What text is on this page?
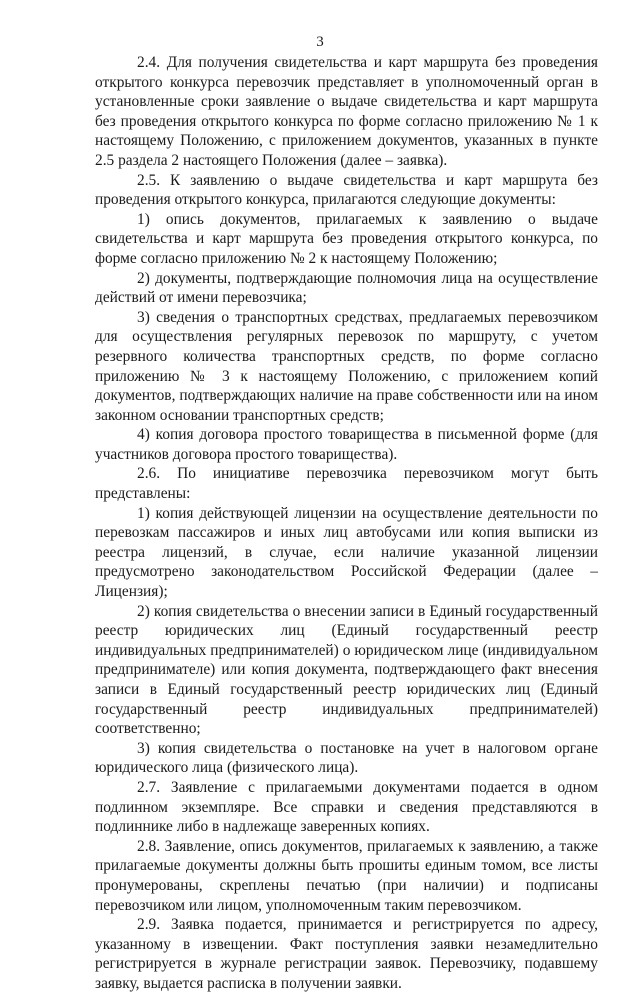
3

2.4. Для получения свидетельства и карт маршрута без проведения открытого конкурса перевозчик представляет в уполномоченный орган в установленные сроки заявление о выдаче свидетельства и карт маршрута без проведения открытого конкурса по форме согласно приложению № 1 к настоящему Положению, с приложением документов, указанных в пункте 2.5 раздела 2 настоящего Положения (далее – заявка).

2.5. К заявлению о выдаче свидетельства и карт маршрута без проведения открытого конкурса, прилагаются следующие документы:

1) опись документов, прилагаемых к заявлению о выдаче свидетельства и карт маршрута без проведения открытого конкурса, по форме согласно приложению № 2 к настоящему Положению;

2) документы, подтверждающие полномочия лица на осуществление действий от имени перевозчика;

3) сведения о транспортных средствах, предлагаемых перевозчиком для осуществления регулярных перевозок по маршруту, с учетом резервного количества транспортных средств, по форме согласно приложению № 3 к настоящему Положению, с приложением копий документов, подтверждающих наличие на праве собственности или на ином законном основании транспортных средств;

4) копия договора простого товарищества в письменной форме (для участников договора простого товарищества).

2.6. По инициативе перевозчика перевозчиком могут быть представлены:

1) копия действующей лицензии на осуществление деятельности по перевозкам пассажиров и иных лиц автобусами или копия выписки из реестра лицензий, в случае, если наличие указанной лицензии предусмотрено законодательством Российской Федерации (далее – Лицензия);

2) копия свидетельства о внесении записи в Единый государственный реестр юридических лиц (Единый государственный реестр индивидуальных предпринимателей) о юридическом лице (индивидуальном предпринимателе) или копия документа, подтверждающего факт внесения записи в Единый государственный реестр юридических лиц (Единый государственный реестр индивидуальных предпринимателей) соответственно;

3) копия свидетельства о постановке на учет в налоговом органе юридического лица (физического лица).

2.7. Заявление с прилагаемыми документами подается в одном подлинном экземпляре. Все справки и сведения представляются в подлиннике либо в надлежаще заверенных копиях.

2.8. Заявление, опись документов, прилагаемых к заявлению, а также прилагаемые документы должны быть прошиты единым томом, все листы пронумерованы, скреплены печатью (при наличии) и подписаны перевозчиком или лицом, уполномоченным таким перевозчиком.

2.9. Заявка подается, принимается и регистрируется по адресу, указанному в извещении. Факт поступления заявки незамедлительно регистрируется в журнале регистрации заявок. Перевозчику, подавшему заявку, выдается расписка в получении заявки.
